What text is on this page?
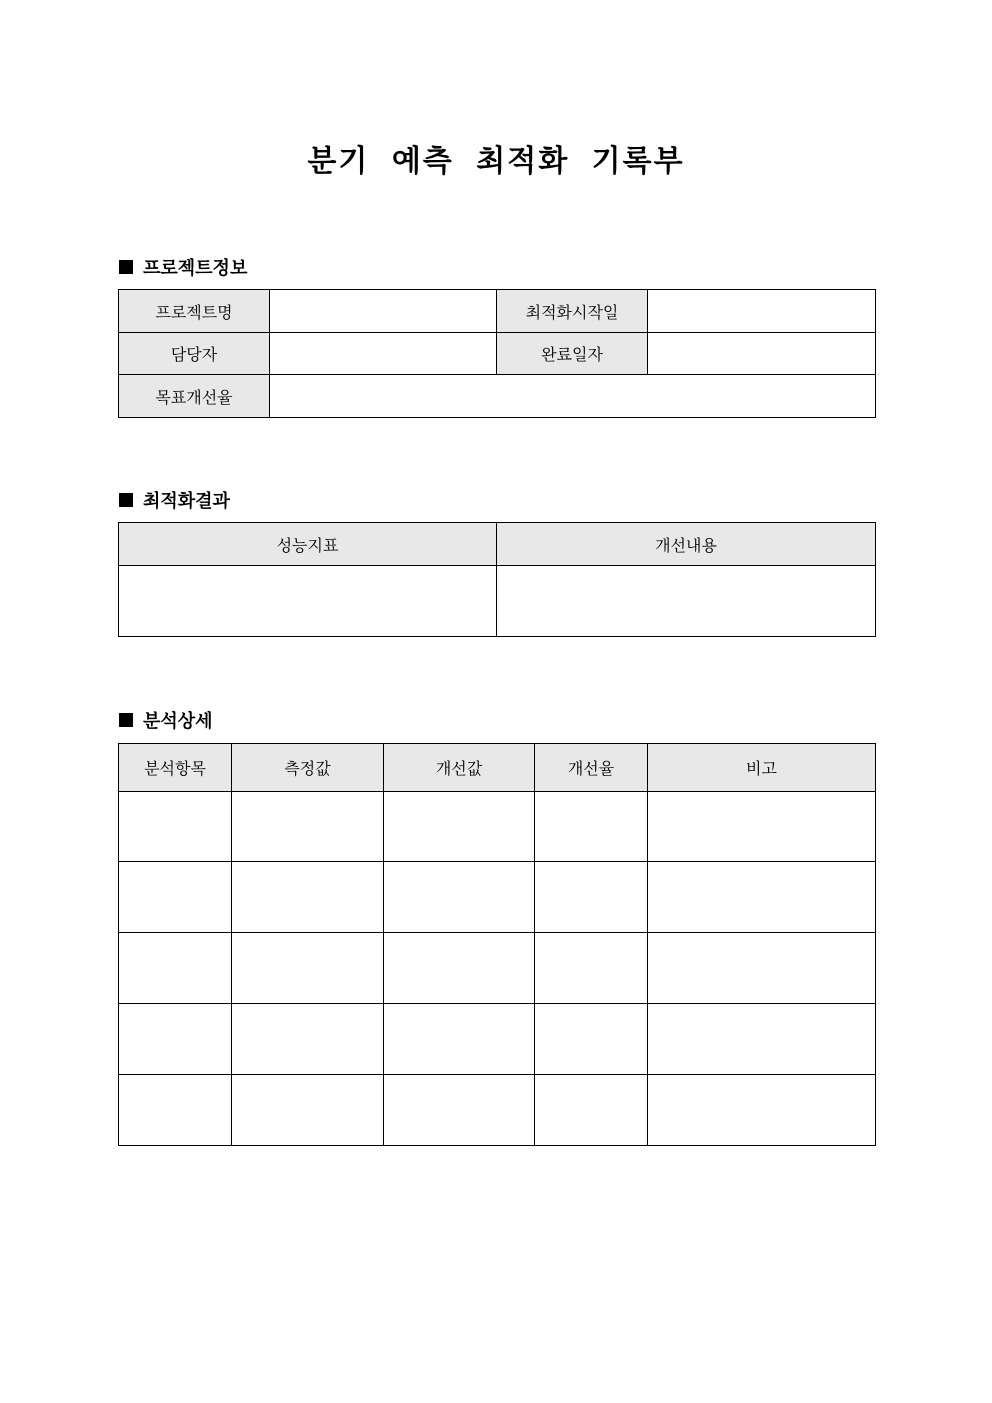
분기 예측 최적화 기록부
프로젝트정보
프로젝트명		최적화시작일	
담당자		완료일자	
목표개선율			
최적화결과
성능지표	개선내용

분석상세
분석항목	측정값	개선값	개선율	비고
